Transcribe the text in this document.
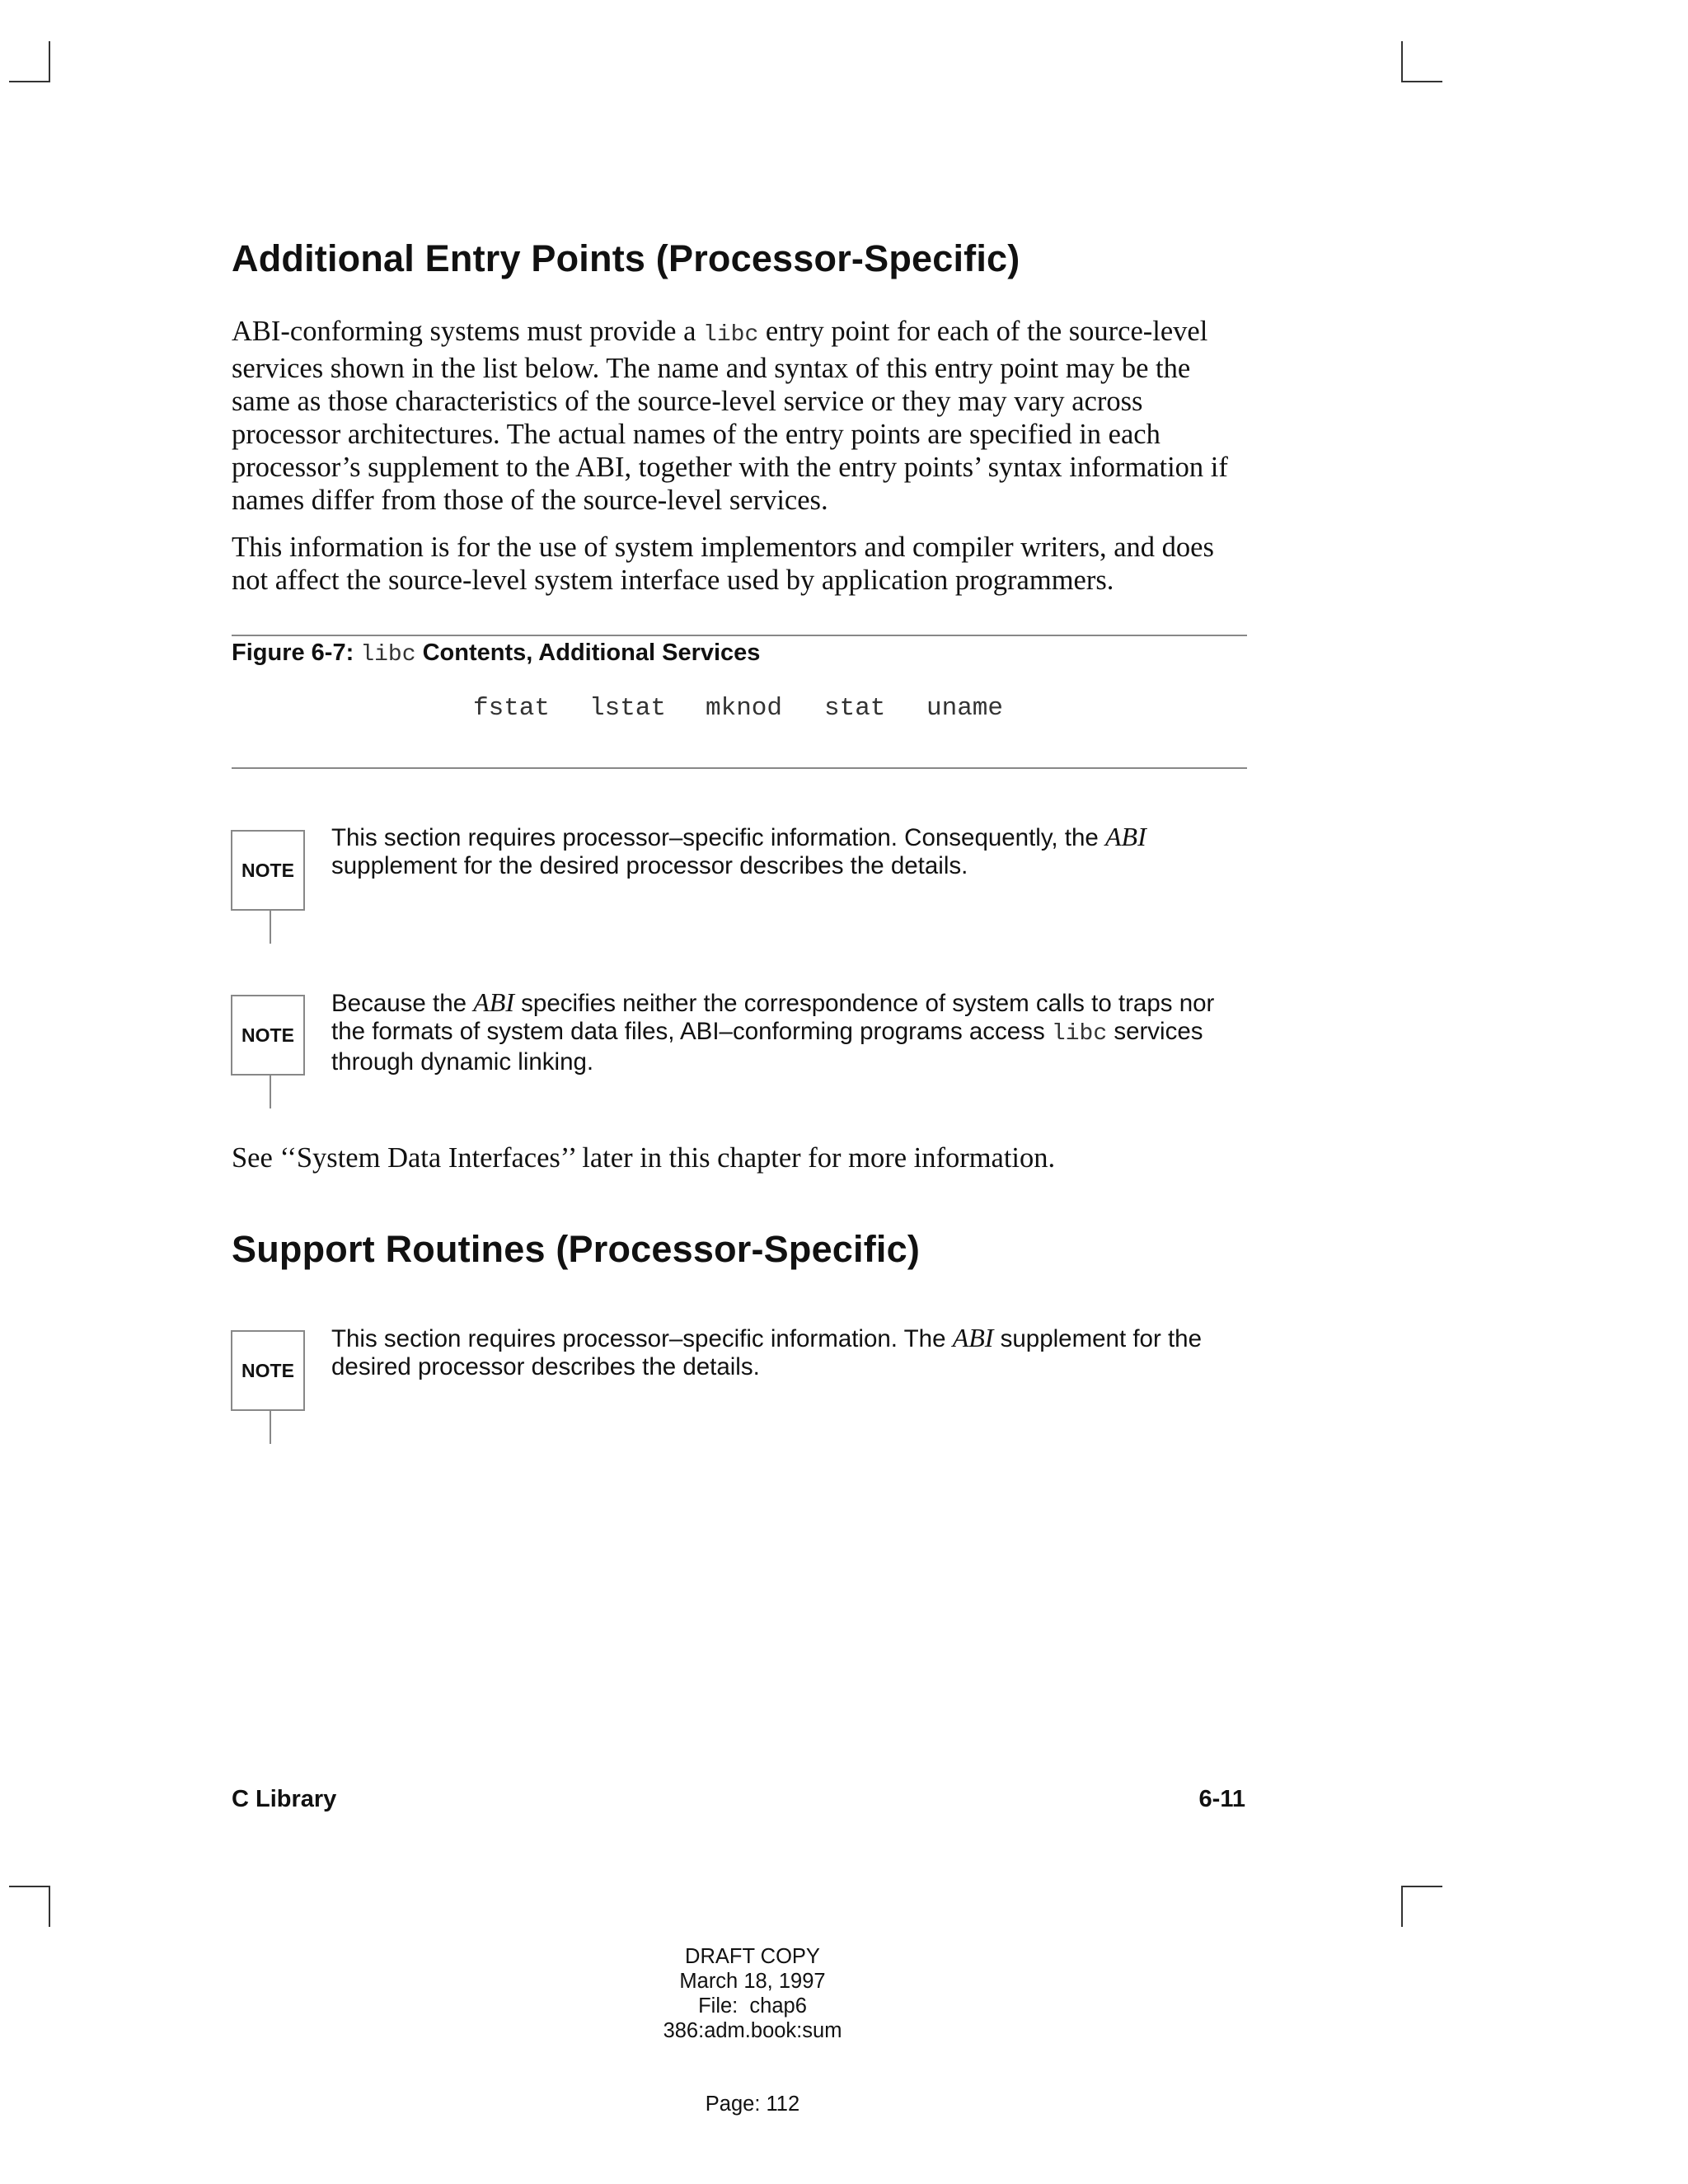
Additional Entry Points (Processor-Specific)

ABI-conforming systems must provide a libc entry point for each of the source-level services shown in the list below. The name and syntax of this entry point may be the same as those characteristics of the source-level service or they may vary across processor architectures. The actual names of the entry points are specified in each processor’s supplement to the ABI, together with the entry points’ syntax information if names differ from those of the source-level services.

This information is for the use of system implementors and compiler writers, and does not affect the source-level system interface used by application programmers.

Figure 6-7: libc Contents, Additional Services
fstat	lstat	mknod	stat	uname
NOTE

This section requires processor–specific information. Consequently, the ABI supplement for the desired processor describes the details.

NOTE

Because the ABI specifies neither the correspondence of system calls to traps nor the formats of system data files, ABI–conforming programs access libc services through dynamic linking.

See ‘‘System Data Interfaces’’ later in this chapter for more information.

Support Routines (Processor-Specific)
NOTE

This section requires processor–specific information. The ABI supplement for the desired processor describes the details.

C Library	6-11
DRAFT COPY
March 18, 1997
File:  chap6
386:adm.book:sum
Page: 112
